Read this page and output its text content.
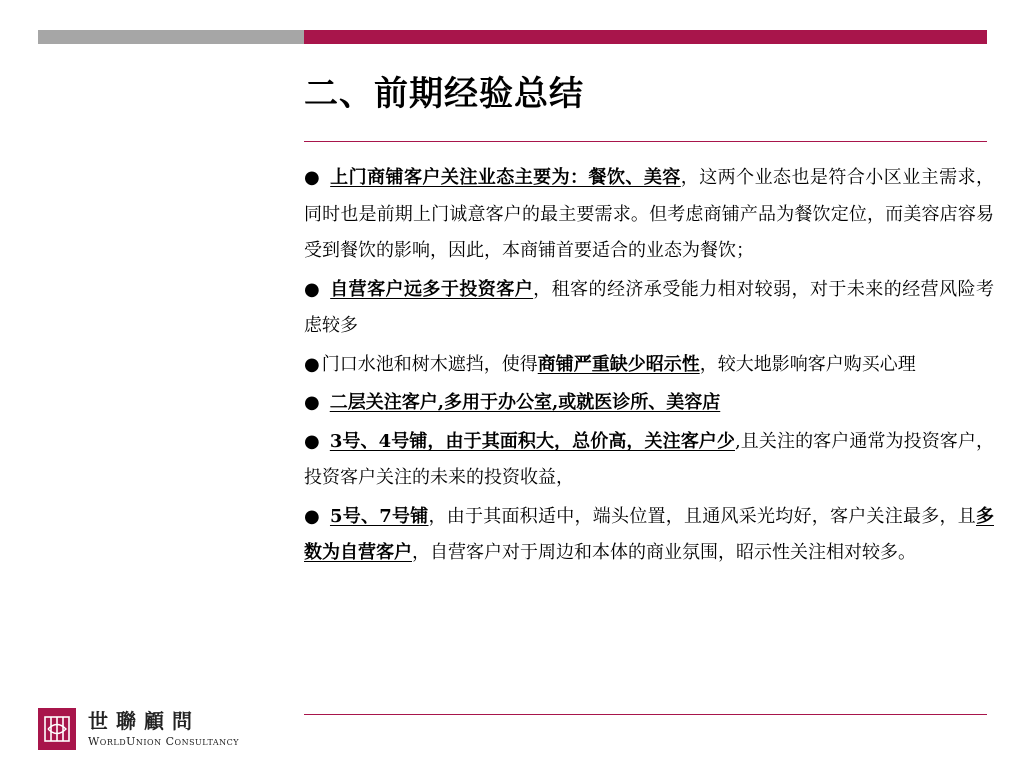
二、前期经验总结

● 上门商铺客户关注业态主要为：餐饮、美容，这两个业态也是符合小区业主需求，同时也是前期上门诚意客户的最主要需求。但考虑商铺产品为餐饮定位，而美容店容易受到餐饮的影响，因此，本商铺首要适合的业态为餐饮；

● 自营客户远多于投资客户，租客的经济承受能力相对较弱，对于未来的经营风险考虑较多

● 门口水池和树木遮挡，使得商铺严重缺少昭示性，较大地影响客户购买心理

● 二层关注客户,多用于办公室,或就医诊所、美容店

● 3号、4号铺，由于其面积大，总价高，关注客户少,且关注的客户通常为投资客户，投资客户关注的未来的投资收益，

● 5号、7号铺，由于其面积适中，端头位置，且通风采光均好，客户关注最多，且多数为自营客户，自营客户对于周边和本体的商业氛围，昭示性关注相对较多。

世聯顧問
WorldUnion Consultancy
